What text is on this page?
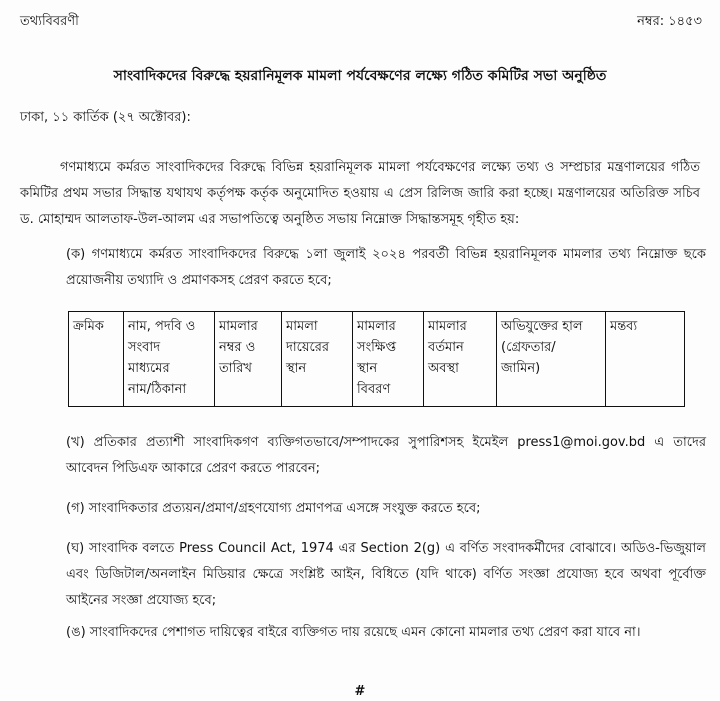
তথ্যবিবরণী	নম্বর: ১৪৫৩
সাংবাদিকদের বিরুদ্ধে হয়রানিমূলক মামলা পর্যবেক্ষণের লক্ষ্যে গঠিত কমিটির সভা অনুষ্ঠিত
ঢাকা, ১১ কার্তিক (২৭ অক্টোবর):
গণমাধ্যমে কর্মরত সাংবাদিকদের বিরুদ্ধে বিভিন্ন হয়রানিমূলক মামলা পর্যবেক্ষণের লক্ষ্যে তথ্য ও সম্প্রচার মন্ত্রণালয়ের গঠিত কমিটির প্রথম সভার সিদ্ধান্ত যথাযথ কর্তৃপক্ষ কর্তৃক অনুমোদিত হওয়ায় এ প্রেস রিলিজ জারি করা হচ্ছে। মন্ত্রণালয়ের অতিরিক্ত সচিব ড. মোহাম্মদ আলতাফ-উল-আলম এর সভাপতিত্বে অনুষ্ঠিত সভায় নিম্নোক্ত সিদ্ধান্তসমূহ গৃহীত হয়:
(ক) গণমাধ্যমে কর্মরত সাংবাদিকদের বিরুদ্ধে ১লা জুলাই ২০২৪ পরবর্তী বিভিন্ন হয়রানিমূলক মামলার তথ্য নিম্নোক্ত ছকে প্রয়োজনীয় তথ্যাদি ও প্রমাণকসহ প্রেরণ করতে হবে;
ক্রমিক	নাম, পদবি ও
সংবাদ
মাধ্যমের
নাম/ঠিকানা	মামলার
নম্বর ও
তারিখ	মামলা
দায়েরের
স্থান	মামলার
সংক্ষিপ্ত
স্থান
বিবরণ	মামলার
বর্তমান
অবস্থা	অভিযুক্তের হাল
(গ্রেফতার/
জামিন)	মন্তব্য
(খ) প্রতিকার প্রত্যাশী সাংবাদিকগণ ব্যক্তিগতভাবে/সম্পাদকের সুপারিশসহ ইমেইল press1@moi.gov.bd এ তাদের আবেদন পিডিএফ আকারে প্রেরণ করতে পারবেন;
(গ) সাংবাদিকতার প্রত্যয়ন/প্রমাণ/গ্রহণযোগ্য প্রমাণপত্র এসঙ্গে সংযুক্ত করতে হবে;
(ঘ) সাংবাদিক বলতে Press Council Act, 1974 এর Section 2(g) এ বর্ণিত সংবাদকর্মীদের বোঝাবে। অডিও-ভিজুয়াল এবং ডিজিটাল/অনলাইন মিডিয়ার ক্ষেত্রে সংশ্লিষ্ট আইন, বিধিতে (যদি থাকে) বর্ণিত সংজ্ঞা প্রযোজ্য হবে অথবা পূর্বোক্ত আইনের সংজ্ঞা প্রযোজ্য হবে;
(ঙ) সাংবাদিকদের পেশাগত দায়িত্বের বাইরে ব্যক্তিগত দায় রয়েছে এমন কোনো মামলার তথ্য প্রেরণ করা যাবে না।
#
